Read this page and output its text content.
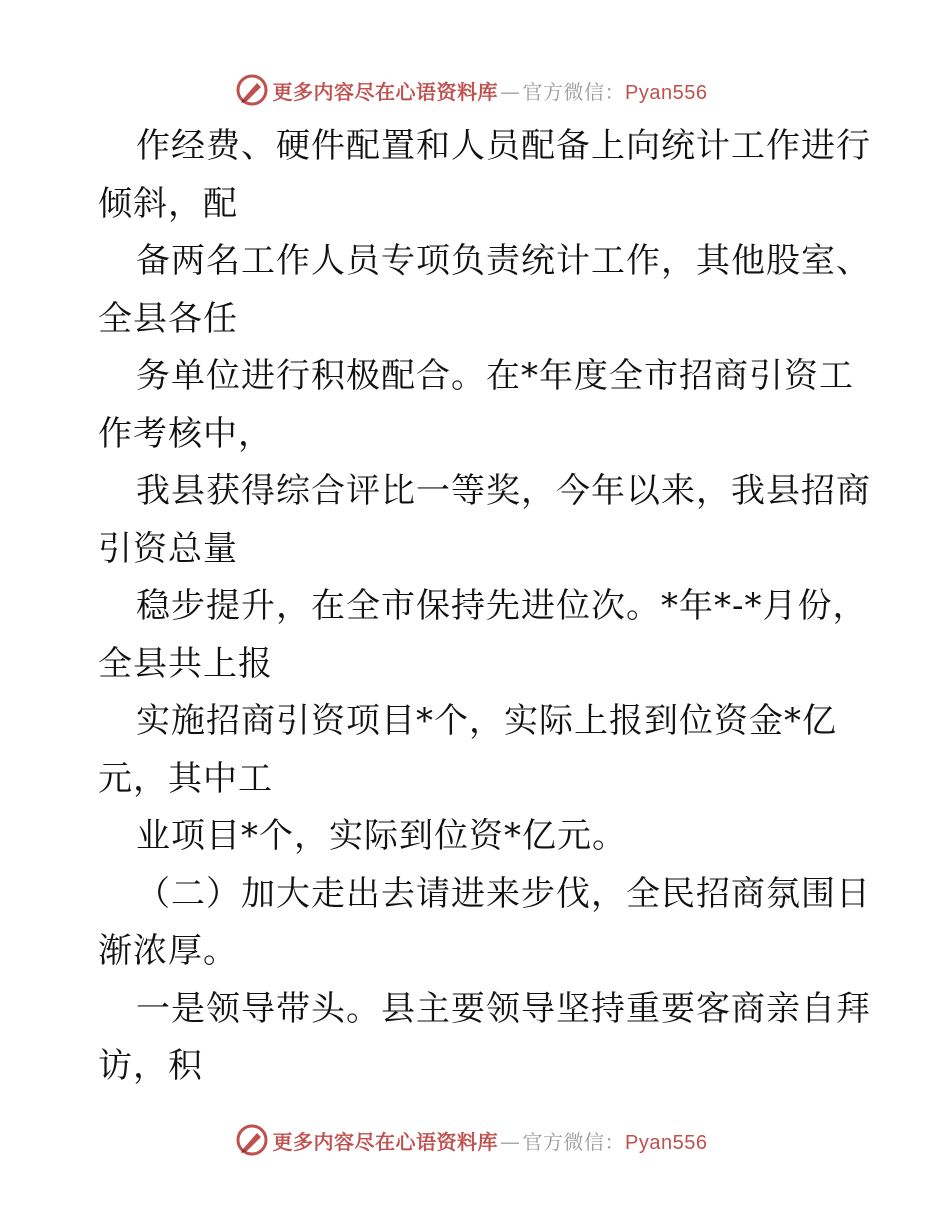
更多内容尽在心语资料库 — 官方微信：Pyan556
作经费、硬件配置和人员配备上向统计工作进行
倾斜，配
备两名工作人员专项负责统计工作，其他股室、
全县各任
务单位进行积极配合。在*年度全市招商引资工
作考核中，
我县获得综合评比一等奖，今年以来，我县招商
引资总量
稳步提升，在全市保持先进位次。*年*-*月份，
全县共上报
实施招商引资项目*个，实际上报到位资金*亿
元，其中工
业项目*个，实际到位资*亿元。
（二）加大走出去请进来步伐，全民招商氛围日
渐浓厚。
一是领导带头。县主要领导坚持重要客商亲自拜
访，积
更多内容尽在心语资料库 — 官方微信：Pyan556
